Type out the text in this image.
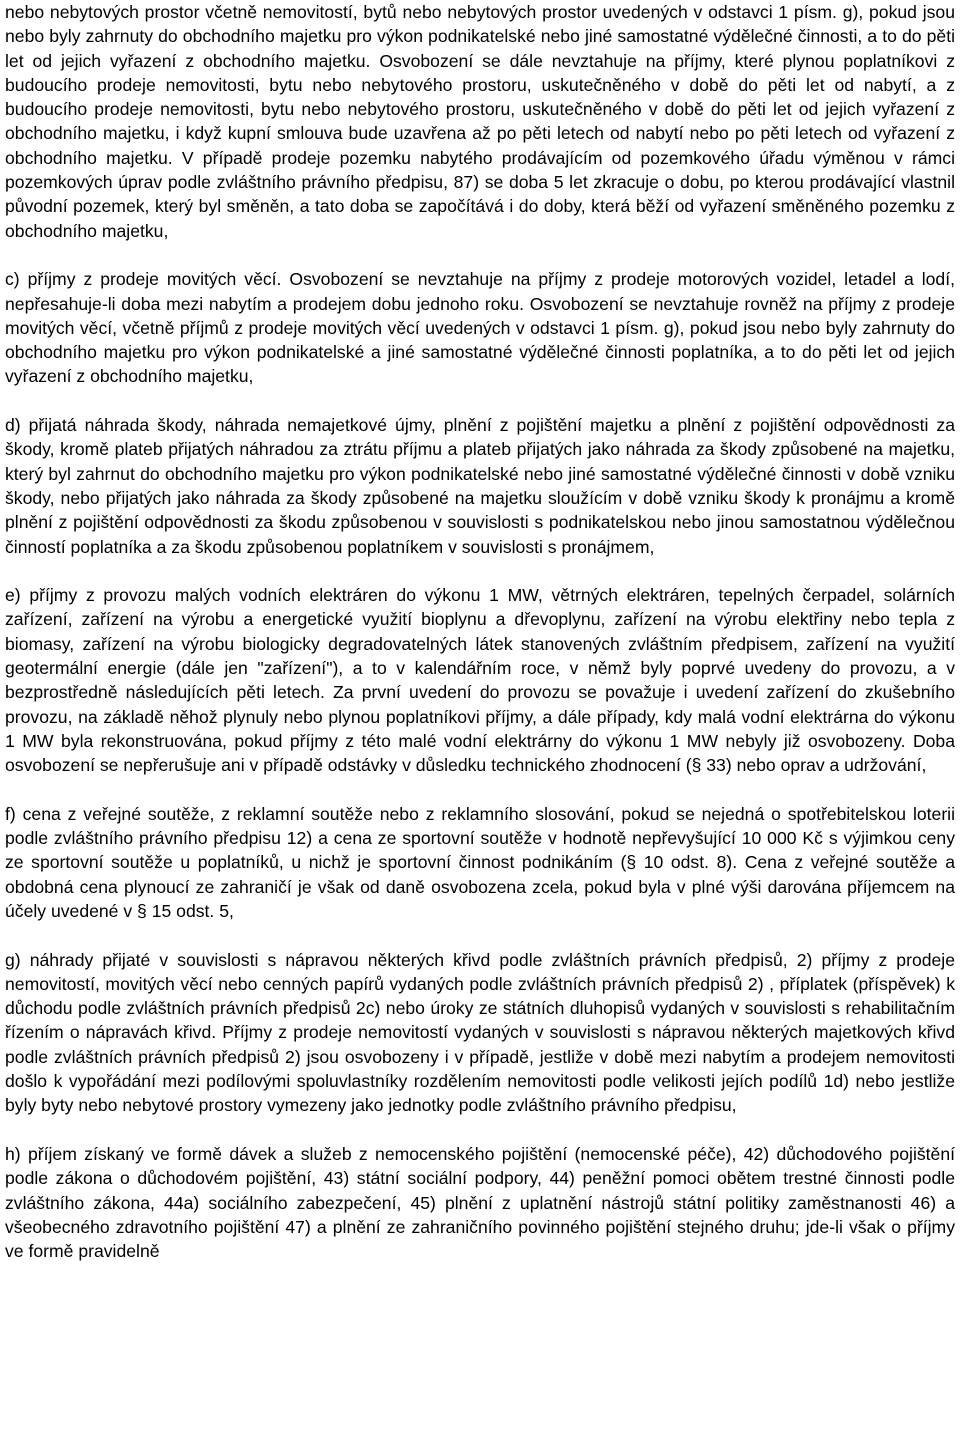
nebo nebytových prostor včetně nemovitostí, bytů nebo nebytových prostor uvedených v odstavci 1 písm. g), pokud jsou nebo byly zahrnuty do obchodního majetku pro výkon podnikatelské nebo jiné samostatné výdělečné činnosti, a to do pěti let od jejich vyřazení z obchodního majetku. Osvobození se dále nevztahuje na příjmy, které plynou poplatníkovi z budoucího prodeje nemovitosti, bytu nebo nebytového prostoru, uskutečněného v době do pěti let od nabytí, a z budoucího prodeje nemovitosti, bytu nebo nebytového prostoru, uskutečněného v době do pěti let od jejich vyřazení z obchodního majetku, i když kupní smlouva bude uzavřena až po pěti letech od nabytí nebo po pěti letech od vyřazení z obchodního majetku. V případě prodeje pozemku nabytého prodávajícím od pozemkového úřadu výměnou v rámci pozemkových úprav podle zvláštního právního předpisu, 87) se doba 5 let zkracuje o dobu, po kterou prodávající vlastnil původní pozemek, který byl směněn, a tato doba se započítává i do doby, která běží od vyřazení směněného pozemku z obchodního majetku,

c) příjmy z prodeje movitých věcí. Osvobození se nevztahuje na příjmy z prodeje motorových vozidel, letadel a lodí, nepřesahuje-li doba mezi nabytím a prodejem dobu jednoho roku. Osvobození se nevztahuje rovněž na příjmy z prodeje movitých věcí, včetně příjmů z prodeje movitých věcí uvedených v odstavci 1 písm. g), pokud jsou nebo byly zahrnuty do obchodního majetku pro výkon podnikatelské a jiné samostatné výdělečné činnosti poplatníka, a to do pěti let od jejich vyřazení z obchodního majetku,

d) přijatá náhrada škody, náhrada nemajetkové újmy, plnění z pojištění majetku a plnění z pojištění odpovědnosti za škody, kromě plateb přijatých náhradou za ztrátu příjmu a plateb přijatých jako náhrada za škody způsobené na majetku, který byl zahrnut do obchodního majetku pro výkon podnikatelské nebo jiné samostatné výdělečné činnosti v době vzniku škody, nebo přijatých jako náhrada za škody způsobené na majetku sloužícím v době vzniku škody k pronájmu a kromě plnění z pojištění odpovědnosti za škodu způsobenou v souvislosti s podnikatelskou nebo jinou samostatnou výdělečnou činností poplatníka a za škodu způsobenou poplatníkem v souvislosti s pronájmem,

e) příjmy z provozu malých vodních elektráren do výkonu 1 MW, větrných elektráren, tepelných čerpadel, solárních zařízení, zařízení na výrobu a energetické využití bioplynu a dřevoplynu, zařízení na výrobu elektřiny nebo tepla z biomasy, zařízení na výrobu biologicky degradovatelných látek stanovených zvláštním předpisem, zařízení na využití geotermální energie (dále jen "zařízení"), a to v kalendářním roce, v němž byly poprvé uvedeny do provozu, a v bezprostředně následujících pěti letech. Za první uvedení do provozu se považuje i uvedení zařízení do zkušebního provozu, na základě něhož plynuly nebo plynou poplatníkovi příjmy, a dále případy, kdy malá vodní elektrárna do výkonu 1 MW byla rekonstruována, pokud příjmy z této malé vodní elektrárny do výkonu 1 MW nebyly již osvobozeny. Doba osvobození se nepřerušuje ani v případě odstávky v důsledku technického zhodnocení (§ 33) nebo oprav a udržování,

f) cena z veřejné soutěže, z reklamní soutěže nebo z reklamního slosování, pokud se nejedná o spotřebitelskou loterii podle zvláštního právního předpisu 12) a cena ze sportovní soutěže v hodnotě nepřevyšující 10 000 Kč s výjimkou ceny ze sportovní soutěže u poplatníků, u nichž je sportovní činnost podnikáním (§ 10 odst. 8). Cena z veřejné soutěže a obdobná cena plynoucí ze zahraničí je však od daně osvobozena zcela, pokud byla v plné výši darována příjemcem na účely uvedené v § 15 odst. 5,

g) náhrady přijaté v souvislosti s nápravou některých křivd podle zvláštních právních předpisů, 2) příjmy z prodeje nemovitostí, movitých věcí nebo cenných papírů vydaných podle zvláštních právních předpisů 2) , příplatek (příspěvek) k důchodu podle zvláštních právních předpisů 2c) nebo úroky ze státních dluhopisů vydaných v souvislosti s rehabilitačním řízením o nápravách křivd. Příjmy z prodeje nemovitostí vydaných v souvislosti s nápravou některých majetkových křivd podle zvláštních právních předpisů 2) jsou osvobozeny i v případě, jestliže v době mezi nabytím a prodejem nemovitosti došlo k vypořádání mezi podílovými spoluvlastníky rozdělením nemovitosti podle velikosti jejích podílů 1d) nebo jestliže byly byty nebo nebytové prostory vymezeny jako jednotky podle zvláštního právního předpisu,

h) příjem získaný ve formě dávek a služeb z nemocenského pojištění (nemocenské péče), 42) důchodového pojištění podle zákona o důchodovém pojištění, 43) státní sociální podpory, 44) peněžní pomoci obětem trestné činnosti podle zvláštního zákona, 44a) sociálního zabezpečení, 45) plnění z uplatnění nástrojů státní politiky zaměstnanosti 46) a všeobecného zdravotního pojištění 47) a plnění ze zahraničního povinného pojištění stejného druhu; jde-li však o příjmy ve formě pravidelně
